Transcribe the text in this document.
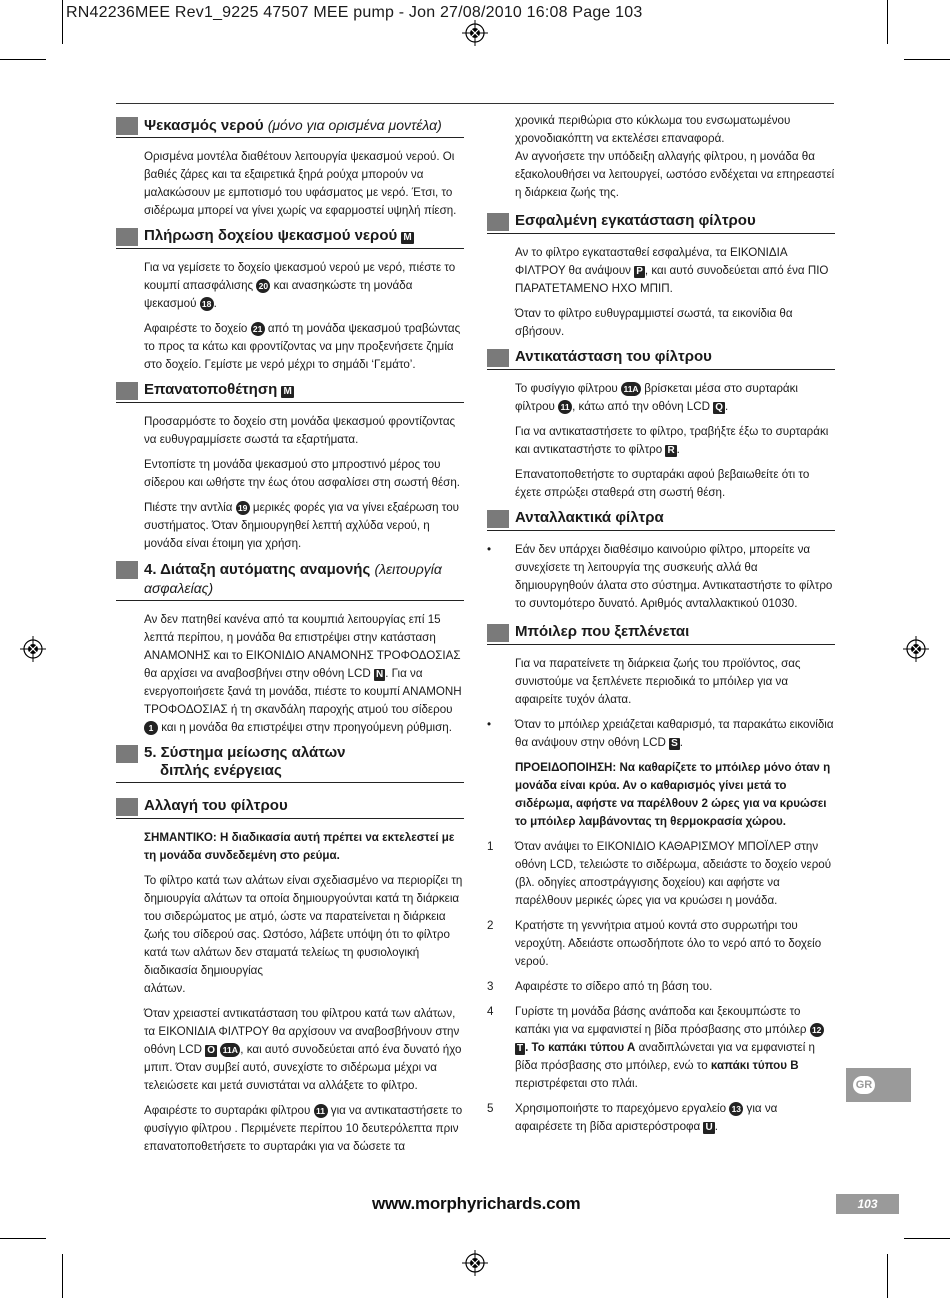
RN42236MEE Rev1_9225 47507 MEE pump - Jon 27/08/2010 16:08 Page 103
Ψεκασμός νερού (μόνο για ορισμένα μοντέλα)

Ορισμένα μοντέλα διαθέτουν λειτουργία ψεκασμού νερού. Οι βαθιές ζάρες και τα εξαιρετικά ξηρά ρούχα μπορούν να μαλακώσουν με εμποτισμό του υφάσματος με νερό. Έτσι, το σιδέρωμα μπορεί να γίνει χωρίς να εφαρμοστεί υψηλή πίεση.

Πλήρωση δοχείου ψεκασμού νερού M

Για να γεμίσετε το δοχείο ψεκασμού νερού με νερό, πιέστε το κουμπί απασφάλισης 20 και ανασηκώστε τη μονάδα ψεκασμού 18 .

Αφαιρέστε το δοχείο 21 από τη μονάδα ψεκασμού τραβώντας το προς τα κάτω και φροντίζοντας να μην προξενήσετε ζημία στο δοχείο. Γεμίστε με νερό μέχρι το σημάδι ‘Γεμάτο’.

Επανατοποθέτηση M

Προσαρμόστε το δοχείο στη μονάδα ψεκασμού φροντίζοντας να ευθυγραμμίσετε σωστά τα εξαρτήματα.

Εντοπίστε τη μονάδα ψεκασμού στο μπροστινό μέρος του σίδερου και ωθήστε την έως ότου ασφαλίσει στη σωστή θέση.

Πιέστε την αντλία 19 μερικές φορές για να γίνει εξαέρωση του συστήματος. Όταν δημιουργηθεί λεπτή αχλύδα νερού, η μονάδα είναι έτοιμη για χρήση.

4. Διάταξη αυτόματης αναμονής (λειτουργία ασφαλείας)

Αν δεν πατηθεί κανένα από τα κουμπιά λειτουργίας επί 15 λεπτά περίπου, η μονάδα θα επιστρέψει στην κατάσταση ΑΝΑΜΟΝΗΣ και το ΕΙΚΟΝΙΔΙΟ ΑΝΑΜΟΝΗΣ ΤΡΟΦΟΔΟΣΙΑΣ θα αρχίσει να αναβοσβήνει στην οθόνη LCD N . Για να ενεργοποιήσετε ξανά τη μονάδα, πιέστε το κουμπί ΑΝΑΜΟΝΗ ΤΡΟΦΟΔΟΣΙΑΣ ή τη σκανδάλη παροχής ατμού του σίδερου 1 και η μονάδα θα επιστρέψει στην προηγούμενη ρύθμιση.

5. Σύστημα μείωσης αλάτων
διπλής ενέργειας
Αλλαγή του φίλτρου

ΣΗΜΑΝΤΙΚΟ: Η διαδικασία αυτή πρέπει να εκτελεστεί με τη μονάδα συνδεδεμένη στο ρεύμα.

Το φίλτρο κατά των αλάτων είναι σχεδιασμένο να περιορίζει τη δημιουργία αλάτων τα οποία δημιουργούνται κατά τη διάρκεια του σιδερώματος με ατμό, ώστε να παρατείνεται η διάρκεια ζωής του σίδερού σας. Ωστόσο, λάβετε υπόψη ότι το φίλτρο κατά των αλάτων δεν σταματά τελείως τη φυσιολογική διαδικασία δημιουργίας
αλάτων.

Όταν χρειαστεί αντικατάσταση του φίλτρου κατά των αλάτων, τα ΕΙΚΟΝΙΔΙΑ ΦΙΛΤΡΟΥ θα αρχίσουν να αναβοσβήνουν στην οθόνη LCD O 11A , και αυτό συνοδεύεται από ένα δυνατό ήχο μπιπ. Όταν συμβεί αυτό, συνεχίστε το σιδέρωμα μέχρι να τελειώσετε και μετά συνιστάται να αλλάξετε το φίλτρο.

Αφαιρέστε το συρταράκι φίλτρου 11 για να αντικαταστήσετε το φυσίγγιο φίλτρου . Περιμένετε περίπου 10 δευτερόλεπτα πριν επανατοποθετήσετε το συρταράκι για να δώσετε τα

χρονικά περιθώρια στο κύκλωμα του ενσωματωμένου χρονοδιακόπτη να εκτελέσει επαναφορά.

Αν αγνοήσετε την υπόδειξη αλλαγής φίλτρου, η μονάδα θα εξακολουθήσει να λειτουργεί, ωστόσο ενδέχεται να επηρεαστεί η διάρκεια ζωής της.

Εσφαλμένη εγκατάσταση φίλτρου

Αν το φίλτρο εγκατασταθεί εσφαλμένα, τα ΕΙΚΟΝΙΔΙΑ ΦΙΛΤΡΟΥ θα ανάψουν P , και αυτό συνοδεύεται από ένα ΠΙΟ ΠΑΡΑΤΕΤΑΜΕΝΟ ΗΧΟ ΜΠΙΠ.

Όταν το φίλτρο ευθυγραμμιστεί σωστά, τα εικονίδια θα σβήσουν.

Αντικατάσταση του φίλτρου

Το φυσίγγιο φίλτρου 11A βρίσκεται μέσα στο συρταράκι φίλτρου 11 , κάτω από την οθόνη LCD Q .

Για να αντικαταστήσετε το φίλτρο, τραβήξτε έξω το συρταράκι και αντικαταστήστε το φίλτρο R .

Επανατοποθετήστε το συρταράκι αφού βεβαιωθείτε ότι το έχετε σπρώξει σταθερά στη σωστή θέση.

Ανταλλακτικά φίλτρα
•	Εάν δεν υπάρχει διαθέσιμο καινούριο φίλτρο, μπορείτε να συνεχίσετε τη λειτουργία της συσκευής αλλά θα δημιουργηθούν άλατα στο σύστημα. Αντικαταστήστε το φίλτρο το συντομότερο δυνατό. Αριθμός ανταλλακτικού 01030.
Μπόιλερ που ξεπλένεται

Για να παρατείνετε τη διάρκεια ζωής του προϊόντος, σας συνιστούμε να ξεπλένετε περιοδικά το μπόιλερ για να αφαιρείτε τυχόν άλατα.

•	Όταν το μπόιλερ χρειάζεται καθαρισμό, τα παρακάτω εικονίδια θα ανάψουν στην οθόνη LCD S .

ΠΡΟΕΙΔΟΠΟΙΗΣΗ: Να καθαρίζετε το μπόιλερ μόνο όταν η μονάδα είναι κρύα. Αν ο καθαρισμός γίνει μετά το σιδέρωμα, αφήστε να παρέλθουν 2 ώρες για να κρυώσει το μπόιλερ λαμβάνοντας τη θερμοκρασία χώρου.

1	Όταν ανάψει το ΕΙΚΟΝΙΔΙΟ ΚΑΘΑΡΙΣΜΟΥ ΜΠΟΪΛΕΡ στην οθόνη LCD, τελειώστε το σιδέρωμα, αδειάστε το δοχείο νερού (βλ. οδηγίες αποστράγγισης δοχείου) και αφήστε να παρέλθουν μερικές ώρες για να κρυώσει η μονάδα.
2	Κρατήστε τη γεννήτρια ατμού κοντά στο συρρωτήρι του νεροχύτη. Αδειάστε οπωσδήποτε όλο το νερό από το δοχείο νερού.
3	Αφαιρέστε το σίδερο από τη βάση του.
4	Γυρίστε τη μονάδα βάσης ανάποδα και ξεκουμπώστε το καπάκι για να εμφανιστεί η βίδα πρόσβασης στο μπόιλερ 12 T . Το καπάκι τύπου Α αναδιπλώνεται για να εμφανιστεί η βίδα πρόσβασης στο μπόιλερ, ενώ το καπάκι τύπου Β περιστρέφεται στο πλάι.
5	Χρησιμοποιήστε το παρεχόμενο εργαλείο 13 για να αφαιρέσετε τη βίδα αριστερόστροφα U .
GR
www.morphyrichards.com	103
